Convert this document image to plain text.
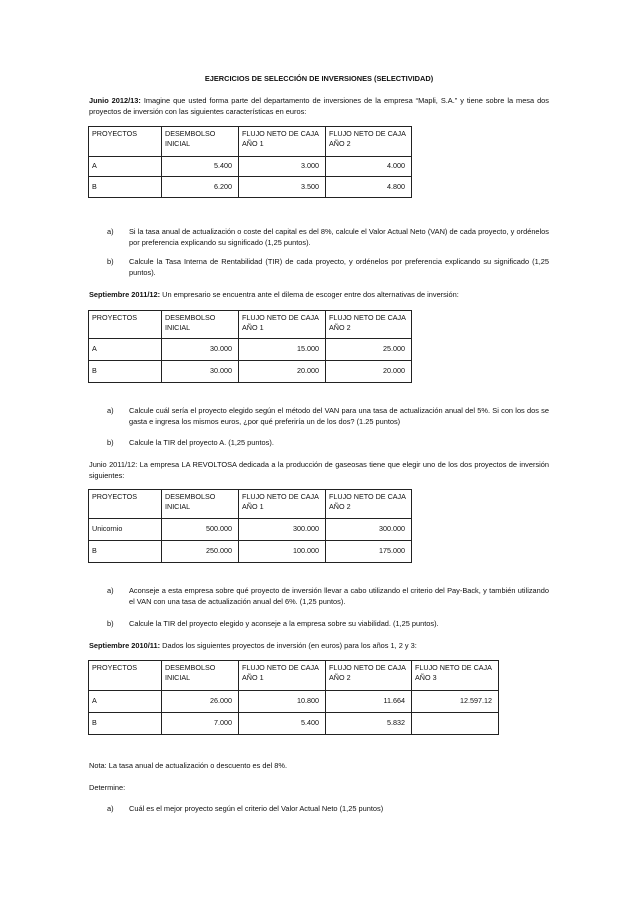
EJERCICIOS DE SELECCIÓN DE INVERSIONES (SELECTIVIDAD)
Junio 2012/13: Imagine que usted forma parte del departamento de inversiones de la empresa “Mapli, S.A.” y tiene sobre la mesa dos proyectos de inversión con las siguientes características en euros:
PROYECTOS	DESEMBOLSO INICIAL	FLUJO NETO DE CAJA AÑO 1	FLUJO NETO DE CAJA AÑO 2
A	5.400	3.000	4.000
B	6.200	3.500	4.800
a) Si la tasa anual de actualización o coste del capital es del 8%, calcule el Valor Actual Neto (VAN) de cada proyecto, y ordénelos por preferencia explicando su significado (1,25 puntos).
b) Calcule la Tasa Interna de Rentabilidad (TIR) de cada proyecto, y ordénelos por preferencia explicando su significado (1,25 puntos).
Septiembre 2011/12: Un empresario se encuentra ante el dilema de escoger entre dos alternativas de inversión:
PROYECTOS	DESEMBOLSO INICIAL	FLUJO NETO DE CAJA AÑO 1	FLUJO NETO DE CAJA AÑO 2
A	30.000	15.000	25.000
B	30.000	20.000	20.000
a) Calcule cuál sería el proyecto elegido según el método del VAN para una tasa de actualización anual del 5%. Si con los dos se gasta e ingresa los mismos euros, ¿por qué preferiría un de los dos? (1.25 puntos)
b) Calcule la TIR del proyecto A. (1,25 puntos).
Junio 2011/12: La empresa LA REVOLTOSA dedicada a la producción de gaseosas tiene que elegir uno de los dos proyectos de inversión siguientes:
PROYECTOS	DESEMBOLSO INICIAL	FLUJO NETO DE CAJA AÑO 1	FLUJO NETO DE CAJA AÑO 2
Unicornio	500.000	300.000	300.000
B	250.000	100.000	175.000
a) Aconseje a esta empresa sobre qué proyecto de inversión llevar a cabo utilizando el criterio del Pay-Back, y también utilizando el VAN con una tasa de actualización anual del 6%. (1,25 puntos).
b) Calcule la TIR del proyecto elegido y aconseje a la empresa sobre su viabilidad. (1,25 puntos).
Septiembre 2010/11: Dados los siguientes proyectos de inversión (en euros) para los años 1, 2 y 3:
PROYECTOS	DESEMBOLSO INICIAL	FLUJO NETO DE CAJA AÑO 1	FLUJO NETO DE CAJA AÑO 2	FLUJO NETO DE CAJA AÑO 3
A	26.000	10.800	11.664	12.597.12
B	7.000	5.400	5.832	
Nota: La tasa anual de actualización o descuento es del 8%.
Determine:
a) Cuál es el mejor proyecto según el criterio del Valor Actual Neto (1,25 puntos)
